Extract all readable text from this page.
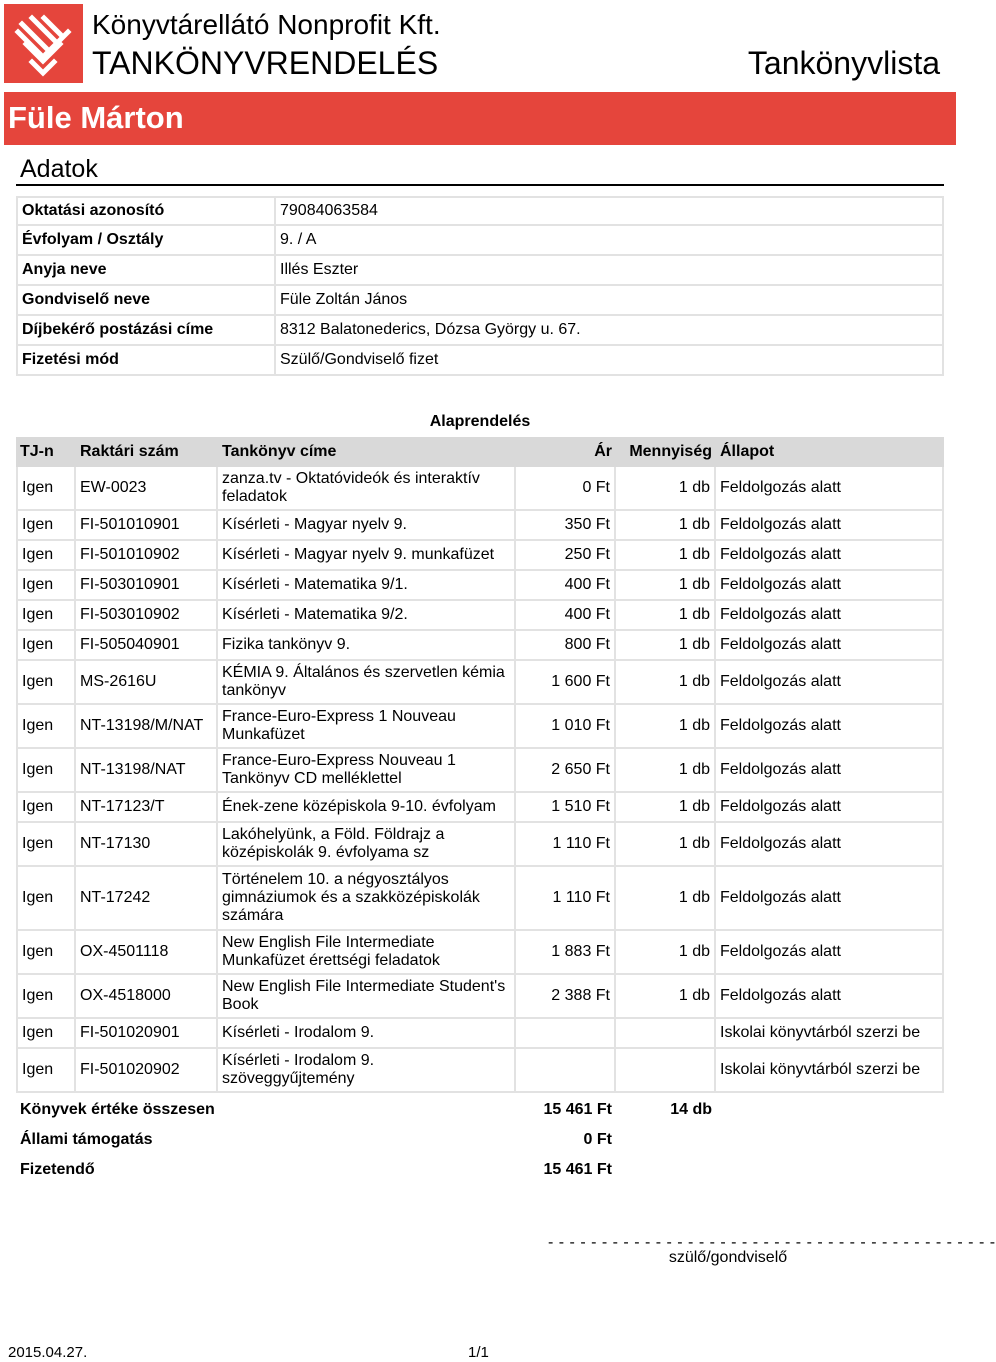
Könyvtárellátó Nonprofit Kft.
TANKÖNYVRENDELÉS	Tankönyvlista
Füle Márton
Adatok
Oktatási azonosító	79084063584
Évfolyam / Osztály	9. / A
Anyja neve	Illés Eszter
Gondviselő neve	Füle Zoltán János
Díjbekérő postázási címe	8312 Balatonederics, Dózsa György u. 67.
Fizetési mód	Szülő/Gondviselő fizet
Alaprendelés
TJ-n	Raktári szám	Tankönyv címe	Ár	Mennyiség	Állapot
Igen	EW-0023	zanza.tv - Oktatóvideók és interaktív feladatok	0 Ft	1 db	Feldolgozás alatt
Igen	FI-501010901	Kísérleti - Magyar nyelv 9.	350 Ft	1 db	Feldolgozás alatt
Igen	FI-501010902	Kísérleti - Magyar nyelv 9. munkafüzet	250 Ft	1 db	Feldolgozás alatt
Igen	FI-503010901	Kísérleti - Matematika 9/1.	400 Ft	1 db	Feldolgozás alatt
Igen	FI-503010902	Kísérleti - Matematika 9/2.	400 Ft	1 db	Feldolgozás alatt
Igen	FI-505040901	Fizika tankönyv 9.	800 Ft	1 db	Feldolgozás alatt
Igen	MS-2616U	KÉMIA 9. Általános és szervetlen kémia tankönyv	1 600 Ft	1 db	Feldolgozás alatt
Igen	NT-13198/M/NAT	France-Euro-Express 1 Nouveau Munkafüzet	1 010 Ft	1 db	Feldolgozás alatt
Igen	NT-13198/NAT	France-Euro-Express Nouveau 1 Tankönyv CD melléklettel	2 650 Ft	1 db	Feldolgozás alatt
Igen	NT-17123/T	Ének-zene középiskola 9-10. évfolyam	1 510 Ft	1 db	Feldolgozás alatt
Igen	NT-17130	Lakóhelyünk, a Föld. Földrajz a középiskolák 9. évfolyama sz	1 110 Ft	1 db	Feldolgozás alatt
Igen	NT-17242	Történelem 10. a négyosztályos gimnáziumok és a szakközépiskolák számára	1 110 Ft	1 db	Feldolgozás alatt
Igen	OX-4501118	New English File Intermediate Munkafüzet érettségi feladatok	1 883 Ft	1 db	Feldolgozás alatt
Igen	OX-4518000	New English File Intermediate Student's Book	2 388 Ft	1 db	Feldolgozás alatt
Igen	FI-501020901	Kísérleti - Irodalom 9.			Iskolai könyvtárból szerzi be
Igen	FI-501020902	Kísérleti - Irodalom 9. szöveggyűjtemény			Iskolai könyvtárból szerzi be
Könyvek értéke összesen	15 461 Ft	14 db	
Állami támogatás	0 Ft		
Fizetendő	15 461 Ft		
- - - - - - - - - - - - - - - - - - - - - - - - - - - - - - - - - - - - - - - - - -
szülő/gondviselő
2015.04.27.	1/1
